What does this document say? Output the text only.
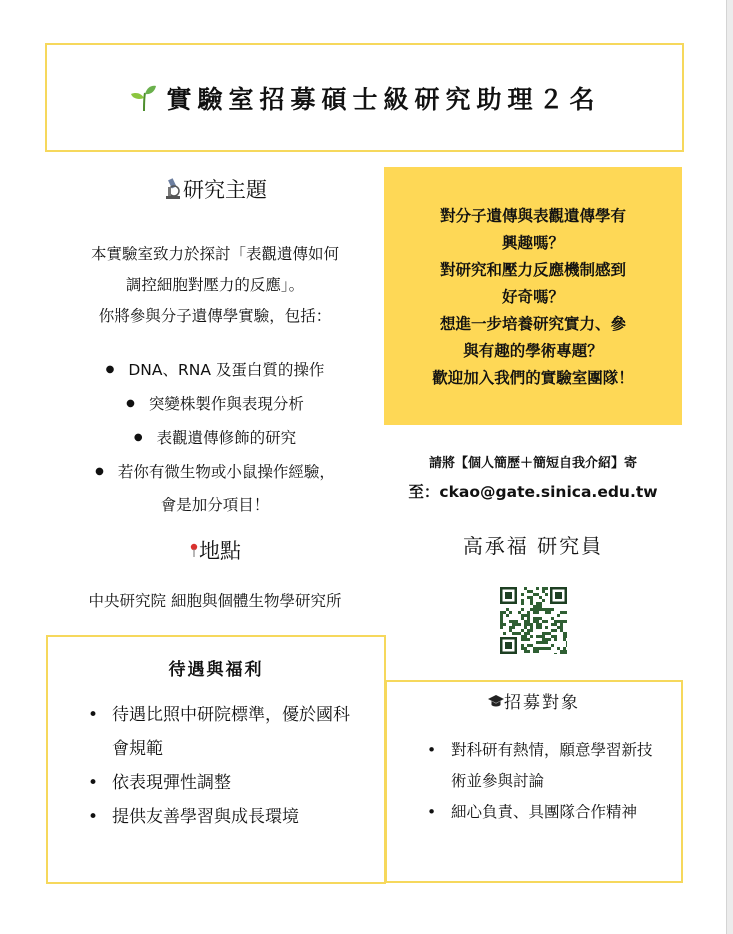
實驗室招募碩士級研究助理２名
研究主題
本實驗室致力於探討「表觀遺傳如何
調控細胞對壓力的反應」。
你將參與分子遺傳學實驗，包括：
● DNA、RNA 及蛋白質的操作
● 突變株製作與表現分析
● 表觀遺傳修飾的研究
● 若你有微生物或小鼠操作經驗，
會是加分項目！
地點
中央研究院 細胞與個體生物學研究所
對分子遺傳與表觀遺傳學有
興趣嗎？
對研究和壓力反應機制感到
好奇嗎？
想進一步培養研究實力、參
與有趣的學術專題？
歡迎加入我們的實驗室團隊！
請將【個人簡歷＋簡短自我介紹】寄
至：ckao@gate.sinica.edu.tw
高承福 研究員
待遇與福利
• 待遇比照中研院標準，優於國科會規範
• 依表現彈性調整
• 提供友善學習與成長環境
招募對象
• 對科研有熱情，願意學習新技術並參與討論
• 細心負責、具團隊合作精神
